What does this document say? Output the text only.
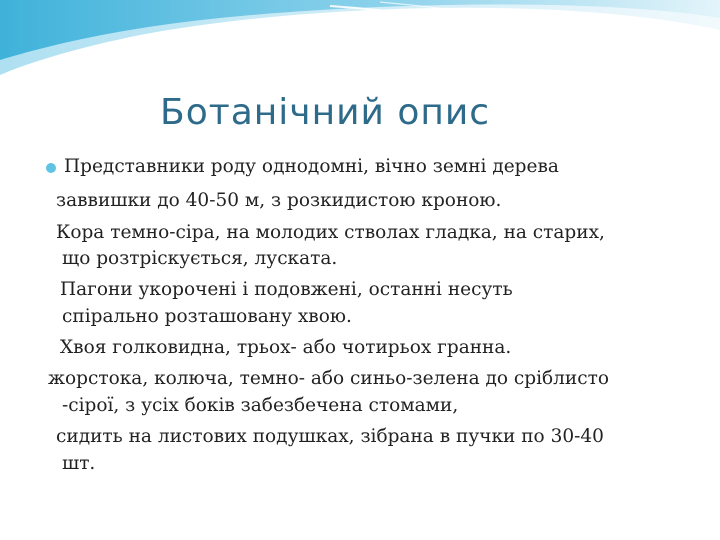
Ботанічний опис

Представники роду однодомні, вічно земні дерева

заввишки до 40-50 м, з розкидистою кроною.

Кора темно-сіра, на молодих стволах гладка, на старих,

що розтріскується, лускатa.

Пагони укорочені і подовжені, останні несуть

спірально розташовану хвою.

Хвоя голковидна, трьох- або чотирьох гранна.

жорстока, колюча, темно- або синьо-зелена до сріблисто

-сірої, з усіх боків забезбечена стомами,

сидить на листових подушках, зібрана в пучки по 30-40

шт.
